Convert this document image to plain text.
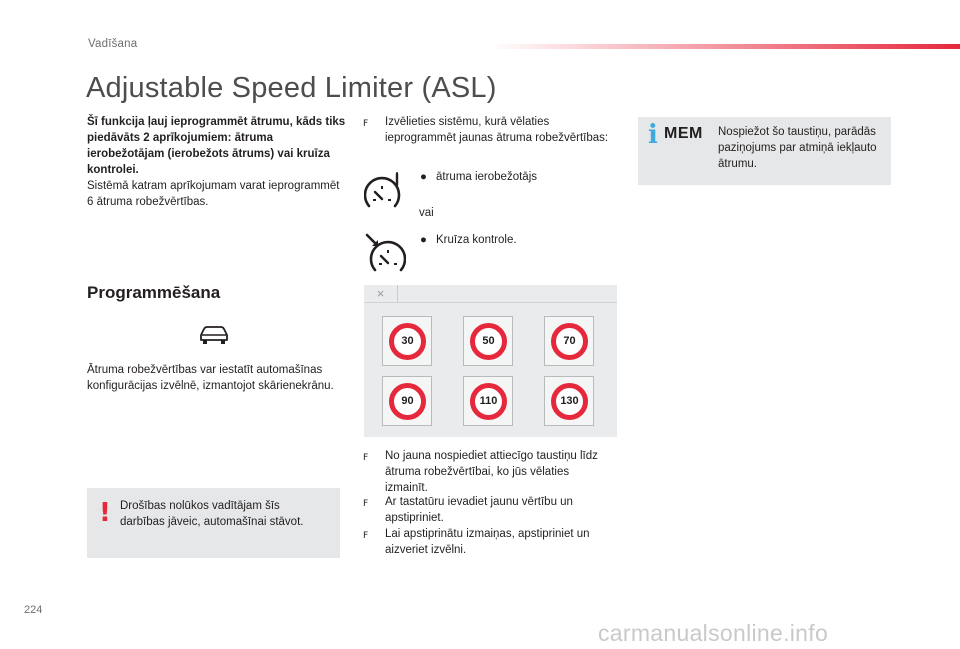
Vadīšana
Adjustable Speed Limiter (ASL)
Šī funkcija ļauj ieprogrammēt ātrumu, kāds tiks piedāvāts 2 aprīkojumiem: ātruma ierobežotājam (ierobežots ātrums) vai kruīza kontrolei.
Sistēmā katram aprīkojumam varat ieprogrammēt 6 ātruma robežvērtības.
Programmēšana
Ātruma robežvērtības var iestatīt automašīnas konfigurācijas izvēlnē, izmantojot skārienekrānu.
! Drošības nolūkos vadītājam šīs darbības jāveic, automašīnai stāvot.
F	Izvēlieties sistēmu, kurā vēlaties ieprogrammēt jaunas ātruma robežvērtības:
● ātruma ierobežotājs
vai
● Kruīza kontrole.
×
30	50	70
90	110	130
F	No jauna nospiediet attiecīgo taustiņu līdz ātruma robežvērtībai, ko jūs vēlaties izmainīt.
F	Ar tastatūru ievadiet jaunu vērtību un apstipriniet.
F	Lai apstiprinātu izmaiņas, apstipriniet un aizveriet izvēlni.
i MEM Nospiežot šo taustiņu, parādās paziņojums par atmiņā iekļauto ātrumu.
224
carmanualsonline.info
